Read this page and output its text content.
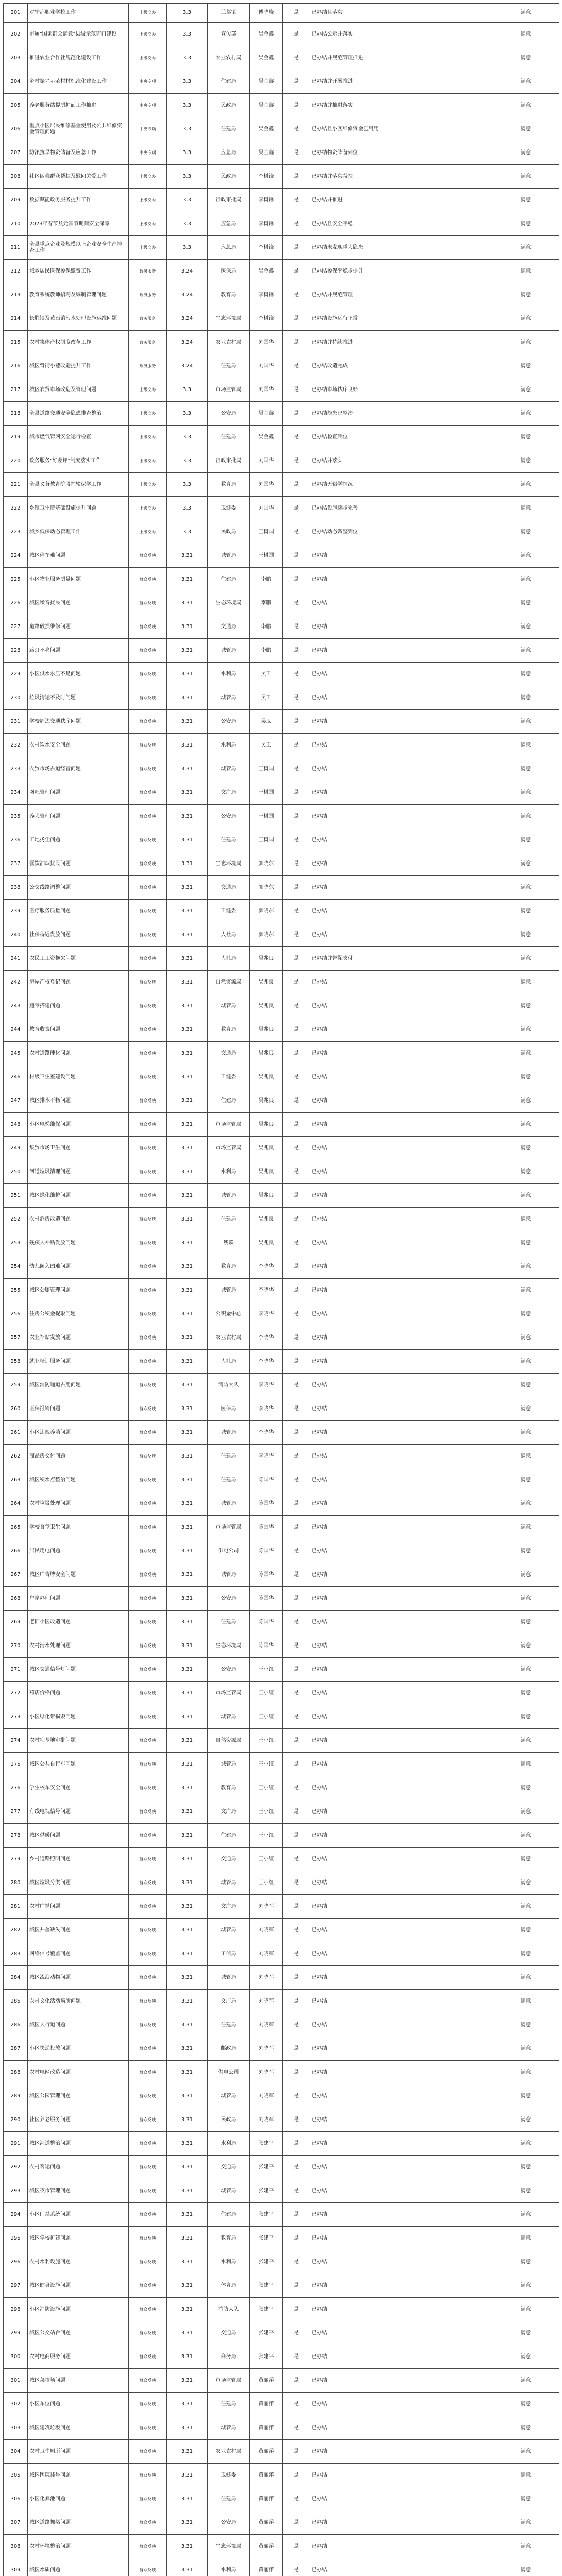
201	对宁都职业学校工作	上级交办	3.3	兰都镇	傅晓峰	是	已办结且落实	满意
202	市属"国家群众满意"县级示范窗口建设	上级交办	3.3	宣传部	吴金鑫	是	已办结公示并落实	满意
203	推进农业合作社规范化建设工作	上级交办	3.3	农业农村局	吴金鑫	是	已办结并规范管理推进	满意
204	乡村振兴示范村村标准化建设工作	中央专项	3.3	住建局	吴金鑫	是	已办结并开展推进	满意
205	养老服务站提质扩面工作推进	中央专项	3.3	民政局	吴金鑫	是	已办结并推进落实	满意
206	重点小区居民维修基金使用及公共维修资金管理问题	中央专项	3.3	住建局	吴金鑫	是	已办结且小区维修资金已启用	满意
207	防汛抗旱物资储备及应急工作	中央专项	3.3	应急局	吴金鑫	是	已办结物资储备到位	满意
208	社区困难群众帮扶及慰问关爱工作	上级交办	3.3	民政局	李树锋	是	已办结并落实帮扶	满意
209	数据赋能政务服务提升工作	上级交办	3.3	行政审批局	李树锋	是	已办结并推进	满意
210	2023年春节及元宵节期间安全保障	上级交办	3.3	应急局	李树锋	是	已办结且安全平稳	满意
211	全县重点企业及规模以上企业安全生产排查工作	上级交办	3.3	应急局	李树锋	是	已办结未发现重大隐患	满意
212	城乡居民医保参保缴费工作	政务服务	3.24	医保局	吴金鑫	是	已办结参保率稳步提升	满意
213	教育系统教师招聘及编制管理问题	政务服务	3.24	教育局	李树锋	是	已办结并规范管理	满意
214	长胜镇及黄石镇污水处理设施运维问题	政务服务	3.24	生态环境局	李树锋	是	已办结设施运行正常	满意
215	农村集体产权制度改革工作	政务服务	3.24	农业农村局	刘国华	是	已办结并持续推进	满意
216	城区背街小巷改造提升工作	政务服务	3.24	住建局	刘国华	是	已办结改造完成	满意
217	城区农贸市场改造及管理问题	上级交办	3.3	市场监管局	刘国华	是	已办结市场秩序良好	满意
218	全县道路交通安全隐患排查整治	上级交办	3.3	公安局	吴金鑫	是	已办结隐患已整治	满意
219	城市燃气管网安全运行检查	上级交办	3.3	住建局	吴金鑫	是	已办结检查到位	满意
220	政务服务"好差评"制度落实工作	上级交办	3.3	行政审批局	刘国华	是	已办结并落实	满意
221	全县义务教育阶段控辍保学工作	上级交办	3.3	教育局	刘国华	是	已办结无辍学情况	满意
222	乡镇卫生院基础设施提升问题	上级交办	3.3	卫健委	刘国华	是	已办结设施逐步完善	满意
223	城乡低保动态管理工作	上级交办	3.3	民政局	王树国	是	已办结动态调整到位	满意
224	城区停车难问题	群众反映	3.31	城管局	王树国	是	已办结	满意
225	小区物业服务质量问题	群众反映	3.31	住建局	李鹏	是	已办结	满意
226	城区噪音扰民问题	群众反映	3.31	生态环境局	李鹏	是	已办结	满意
227	道路破损维修问题	群众反映	3.31	交通局	李鹏	是	已办结	满意
228	路灯不亮问题	群众反映	3.31	城管局	李鹏	是	已办结	满意
229	小区供水水压不足问题	群众反映	3.31	水利局	吴卫	是	已办结	满意
230	垃圾清运不及时问题	群众反映	3.31	城管局	吴卫	是	已办结	满意
231	学校周边交通秩序问题	群众反映	3.31	公安局	吴卫	是	已办结	满意
232	农村饮水安全问题	群众反映	3.31	水利局	吴卫	是	已办结	满意
233	农贸市场占道经营问题	群众反映	3.31	城管局	王树国	是	已办结	满意
234	网吧管理问题	群众反映	3.31	文广局	王树国	是	已办结	满意
235	养犬管理问题	群众反映	3.31	公安局	王树国	是	已办结	满意
236	工地扬尘问题	群众反映	3.31	住建局	王树国	是	已办结	满意
237	餐饮油烟扰民问题	群众反映	3.31	生态环境局	颜晓东	是	已办结	满意
238	公交线路调整问题	群众反映	3.31	交通局	颜晓东	是	已办结	满意
239	医疗服务质量问题	群众反映	3.31	卫健委	颜晓东	是	已办结	满意
240	社保待遇发放问题	群众反映	3.31	人社局	颜晓东	是	已办结	满意
241	农民工工资拖欠问题	群众反映	3.31	人社局	吴兆良	是	已办结并督促支付	满意
242	房屋产权登记问题	群众反映	3.31	自然资源局	吴兆良	是	已办结	满意
243	违章搭建问题	群众反映	3.31	城管局	吴兆良	是	已办结	满意
244	教育收费问题	群众反映	3.31	教育局	吴兆良	是	已办结	满意
245	农村道路硬化问题	群众反映	3.31	交通局	吴兆良	是	已办结	满意
246	村级卫生室建设问题	群众反映	3.31	卫健委	吴兆良	是	已办结	满意
247	城区排水不畅问题	群众反映	3.31	住建局	吴兆良	是	已办结	满意
248	小区电梯维保问题	群众反映	3.31	市场监管局	吴兆良	是	已办结	满意
249	集贸市场卫生问题	群众反映	3.31	市场监管局	吴兆良	是	已办结	满意
250	河道垃圾清理问题	群众反映	3.31	水利局	吴兆良	是	已办结	满意
251	城区绿化维护问题	群众反映	3.31	城管局	吴兆良	是	已办结	满意
252	农村危房改造问题	群众反映	3.31	住建局	吴兆良	是	已办结	满意
253	残疾人补贴发放问题	群众反映	3.31	残联	吴兆良	是	已办结	满意
254	幼儿园入园难问题	群众反映	3.31	教育局	李晓华	是	已办结	满意
255	城区公厕管理问题	群众反映	3.31	城管局	李晓华	是	已办结	满意
256	住房公积金提取问题	群众反映	3.31	公积金中心	李晓华	是	已办结	满意
257	农业补贴发放问题	群众反映	3.31	农业农村局	李晓华	是	已办结	满意
258	就业培训服务问题	群众反映	3.31	人社局	李晓华	是	已办结	满意
259	城区消防通道占用问题	群众反映	3.31	消防大队	李晓华	是	已办结	满意
260	医保报销问题	群众反映	3.31	医保局	李晓华	是	已办结	满意
261	小区违规养殖问题	群众反映	3.31	城管局	李晓华	是	已办结	满意
262	商品房交付问题	群众反映	3.31	住建局	李晓华	是	已办结	满意
263	城区积水点整治问题	群众反映	3.31	住建局	陈国华	是	已办结	满意
264	农村垃圾处理问题	群众反映	3.31	城管局	陈国华	是	已办结	满意
265	学校食堂卫生问题	群众反映	3.31	市场监管局	陈国华	是	已办结	满意
266	居民用电问题	群众反映	3.31	供电公司	陈国华	是	已办结	满意
267	城区广告牌安全问题	群众反映	3.31	城管局	陈国华	是	已办结	满意
268	户籍办理问题	群众反映	3.31	公安局	陈国华	是	已办结	满意
269	老旧小区改造问题	群众反映	3.31	住建局	陈国华	是	已办结	满意
270	农村污水处理问题	群众反映	3.31	生态环境局	陈国华	是	已办结	满意
271	城区交通信号灯问题	群众反映	3.31	公安局	王小红	是	已办结	满意
272	药店价格问题	群众反映	3.31	市场监管局	王小红	是	已办结	满意
273	小区绿化带损毁问题	群众反映	3.31	城管局	王小红	是	已办结	满意
274	农村宅基地审批问题	群众反映	3.31	自然资源局	王小红	是	已办结	满意
275	城区公共自行车问题	群众反映	3.31	城管局	王小红	是	已办结	满意
276	学生校车安全问题	群众反映	3.31	教育局	王小红	是	已办结	满意
277	有线电视信号问题	群众反映	3.31	文广局	王小红	是	已办结	满意
278	城区供暖问题	群众反映	3.31	住建局	王小红	是	已办结	满意
279	乡村道路照明问题	群众反映	3.31	交通局	王小红	是	已办结	满意
280	城区垃圾分类问题	群众反映	3.31	城管局	王小红	是	已办结	满意
281	农村广播问题	群众反映	3.31	文广局	刘晓军	是	已办结	满意
282	城区井盖缺失问题	群众反映	3.31	城管局	刘晓军	是	已办结	满意
283	网络信号覆盖问题	群众反映	3.31	工信局	刘晓军	是	已办结	满意
284	城区流浪动物问题	群众反映	3.31	城管局	刘晓军	是	已办结	满意
285	农村文化活动场所问题	群众反映	3.31	文广局	刘晓军	是	已办结	满意
286	城区人行道问题	群众反映	3.31	住建局	刘晓军	是	已办结	满意
287	小区快递投放问题	群众反映	3.31	邮政局	刘晓军	是	已办结	满意
288	农村电网改造问题	群众反映	3.31	供电公司	刘晓军	是	已办结	满意
289	城区公园管理问题	群众反映	3.31	城管局	刘晓军	是	已办结	满意
290	社区养老服务问题	群众反映	3.31	民政局	刘晓军	是	已办结	满意
291	城区河道整治问题	群众反映	3.31	水利局	张建平	是	已办结	满意
292	农村客运问题	群众反映	3.31	交通局	张建平	是	已办结	满意
293	城区夜市管理问题	群众反映	3.31	城管局	张建平	是	已办结	满意
294	小区门禁系统问题	群众反映	3.31	住建局	张建平	是	已办结	满意
295	城区学校扩建问题	群众反映	3.31	教育局	张建平	是	已办结	满意
296	农村水利设施问题	群众反映	3.31	水利局	张建平	是	已办结	满意
297	城区健身设施问题	群众反映	3.31	体育局	张建平	是	已办结	满意
298	小区消防设施问题	群众反映	3.31	消防大队	张建平	是	已办结	满意
299	城区公交站台问题	群众反映	3.31	交通局	张建平	是	已办结	满意
300	农村电商服务问题	群众反映	3.31	商务局	张建平	是	已办结	满意
301	城区菜市场问题	群众反映	3.31	市场监管局	黄丽萍	是	已办结	满意
302	小区车位问题	群众反映	3.31	住建局	黄丽萍	是	已办结	满意
303	城区建筑垃圾问题	群众反映	3.31	城管局	黄丽萍	是	已办结	满意
304	农村卫生厕所问题	群众反映	3.31	农业农村局	黄丽萍	是	已办结	满意
305	城区医院挂号问题	群众反映	3.31	卫健委	黄丽萍	是	已办结	满意
306	小区化粪池问题	群众反映	3.31	住建局	黄丽萍	是	已办结	满意
307	城区道路拥堵问题	群众反映	3.31	公安局	黄丽萍	是	已办结	满意
308	农村环境整治问题	群众反映	3.31	生态环境局	黄丽萍	是	已办结	满意
309	城区水质问题	群众反映	3.31	水利局	黄丽萍	是	已办结	满意
